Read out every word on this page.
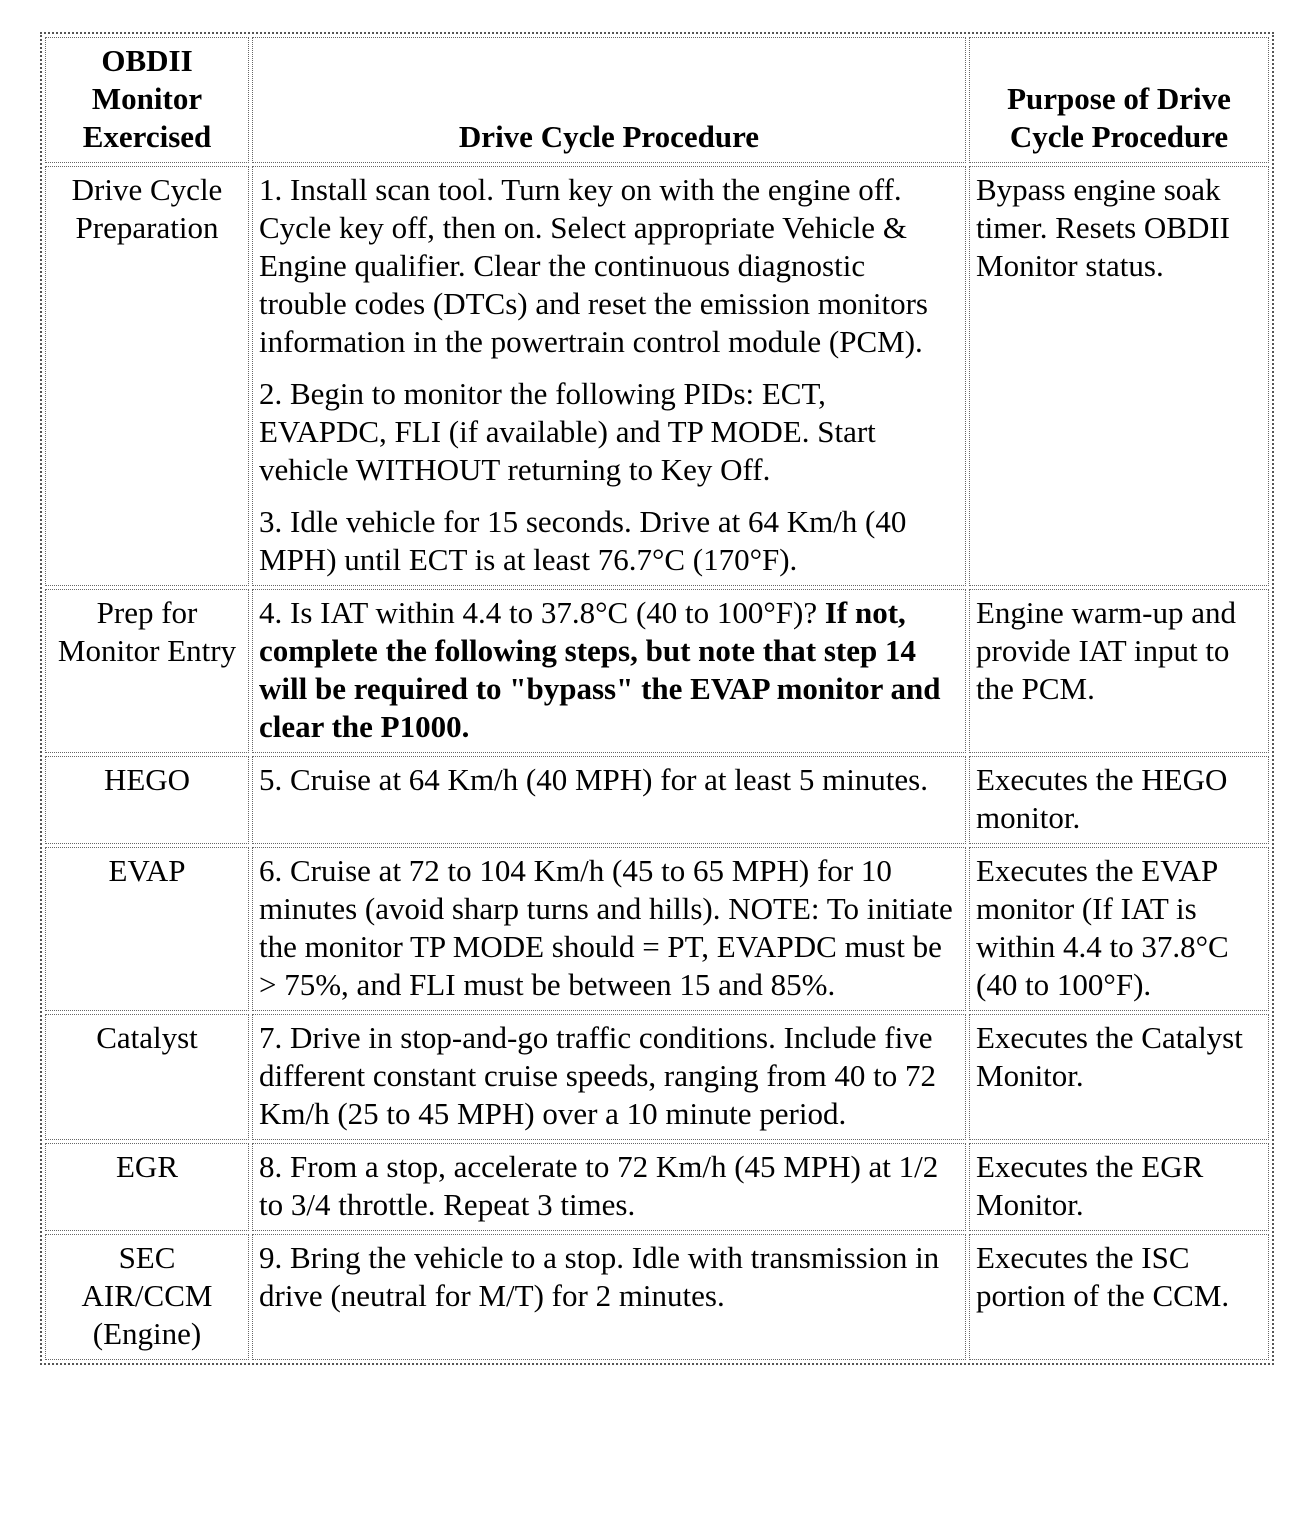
OBDII Monitor Exercised	Drive Cycle Procedure	Purpose of Drive Cycle Procedure
Drive Cycle Preparation	1. Install scan tool. Turn key on with the engine off. Cycle key off, then on. Select appropriate Vehicle & Engine qualifier. Clear the continuous diagnostic trouble codes (DTCs) and reset the emission monitors information in the powertrain control module (PCM).
2. Begin to monitor the following PIDs: ECT, EVAPDC, FLI (if available) and TP MODE. Start vehicle WITHOUT returning to Key Off.
3. Idle vehicle for 15 seconds. Drive at 64 Km/h (40 MPH) until ECT is at least 76.7°C (170°F).	Bypass engine soak timer. Resets OBDII Monitor status.
Prep for Monitor Entry	4. Is IAT within 4.4 to 37.8°C (40 to 100°F)? If not, complete the following steps, but note that step 14 will be required to "bypass" the EVAP monitor and clear the P1000.	Engine warm-up and provide IAT input to the PCM.
HEGO	5. Cruise at 64 Km/h (40 MPH) for at least 5 minutes.	Executes the HEGO monitor.
EVAP	6. Cruise at 72 to 104 Km/h (45 to 65 MPH) for 10 minutes (avoid sharp turns and hills). NOTE: To initiate the monitor TP MODE should = PT, EVAPDC must be > 75%, and FLI must be between 15 and 85%.	Executes the EVAP monitor (If IAT is within 4.4 to 37.8°C (40 to 100°F).
Catalyst	7. Drive in stop-and-go traffic conditions. Include five different constant cruise speeds, ranging from 40 to 72 Km/h (25 to 45 MPH) over a 10 minute period.	Executes the Catalyst Monitor.
EGR	8. From a stop, accelerate to 72 Km/h (45 MPH) at 1/2 to 3/4 throttle. Repeat 3 times.	Executes the EGR Monitor.
SEC AIR/CCM (Engine)	9. Bring the vehicle to a stop. Idle with transmission in drive (neutral for M/T) for 2 minutes.	Executes the ISC portion of the CCM.
